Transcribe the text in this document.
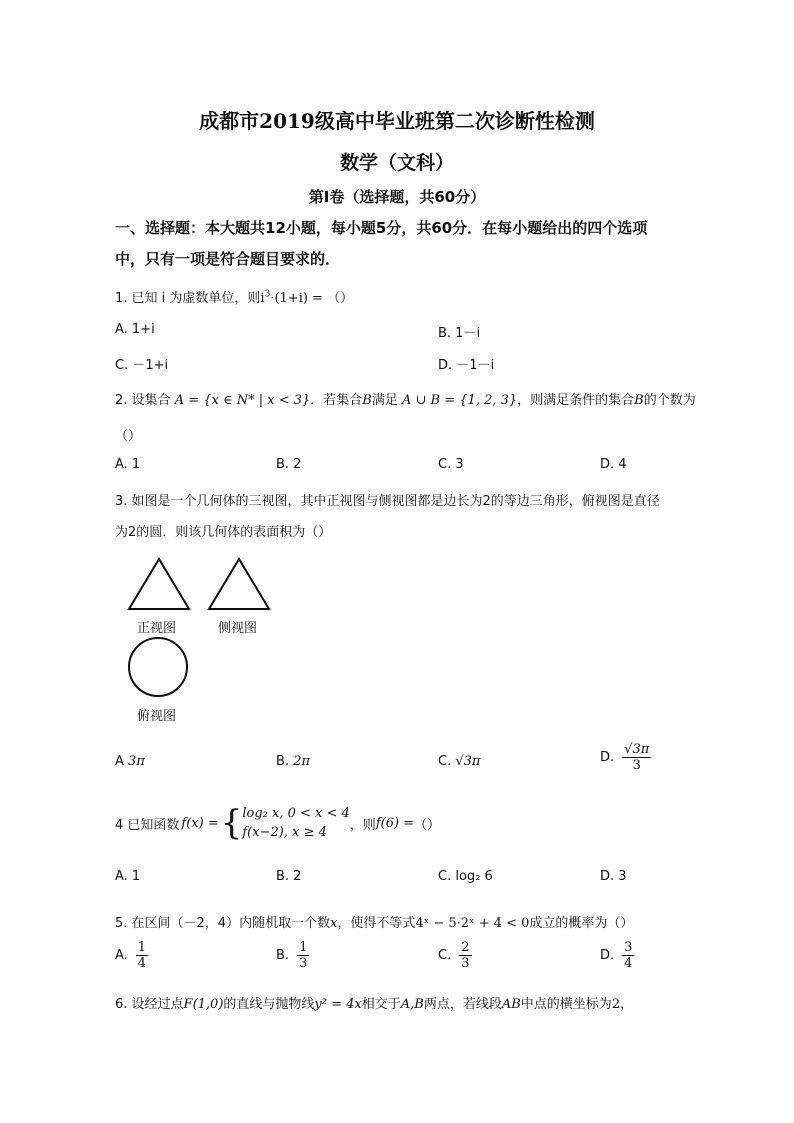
成都市2019级高中毕业班第二次诊断性检测
数学（文科）
第Ⅰ卷（选择题，共60分）
一、选择题：本大题共12小题，每小题5分，共60分．在每小题给出的四个选项
中，只有一项是符合题目要求的．
1. 已知 i 为虚数单位，则$i^3\cdot(1+i)$ = （）
A. 1+i	B. 1－i
C. －1+i	D. －1－i
2. 设集合 A = {x ∈ N* | x < 3}．若集合B满足 A ∪ B = {1, 2, 3}，则满足条件的集合B的个数为
（）
A. 1	B. 2	C. 3	D. 4
3. 如图是一个几何体的三视图，其中正视图与侧视图都是边长为2的等边三角形，俯视图是直径
为2的圆．则该几何体的表面积为（）
正视图	侧视图
俯视图
A 3π	B. 2π	C. √3π	D. $\frac{√3\pi}{3}$
4 已知函数 f(x) = { log₂ x, 0 < x < 4
f(x−2), x ≥ 4	，则 f(6) = （）
A. 1	B. 2	C. log₂ 6	D. 3
5. 在区间（－2，4）内随机取一个数x，使得不等式4ˣ − 5·2ˣ + 4 < 0成立的概率为（）
A. $\frac{1}{4}$	B. $\frac{1}{3}$	C. $\frac{2}{3}$	D. $\frac{3}{4}$
6. 设经过点F(1,0)的直线与抛物线y² = 4x相交于A,B两点，若线段AB中点的横坐标为2，
